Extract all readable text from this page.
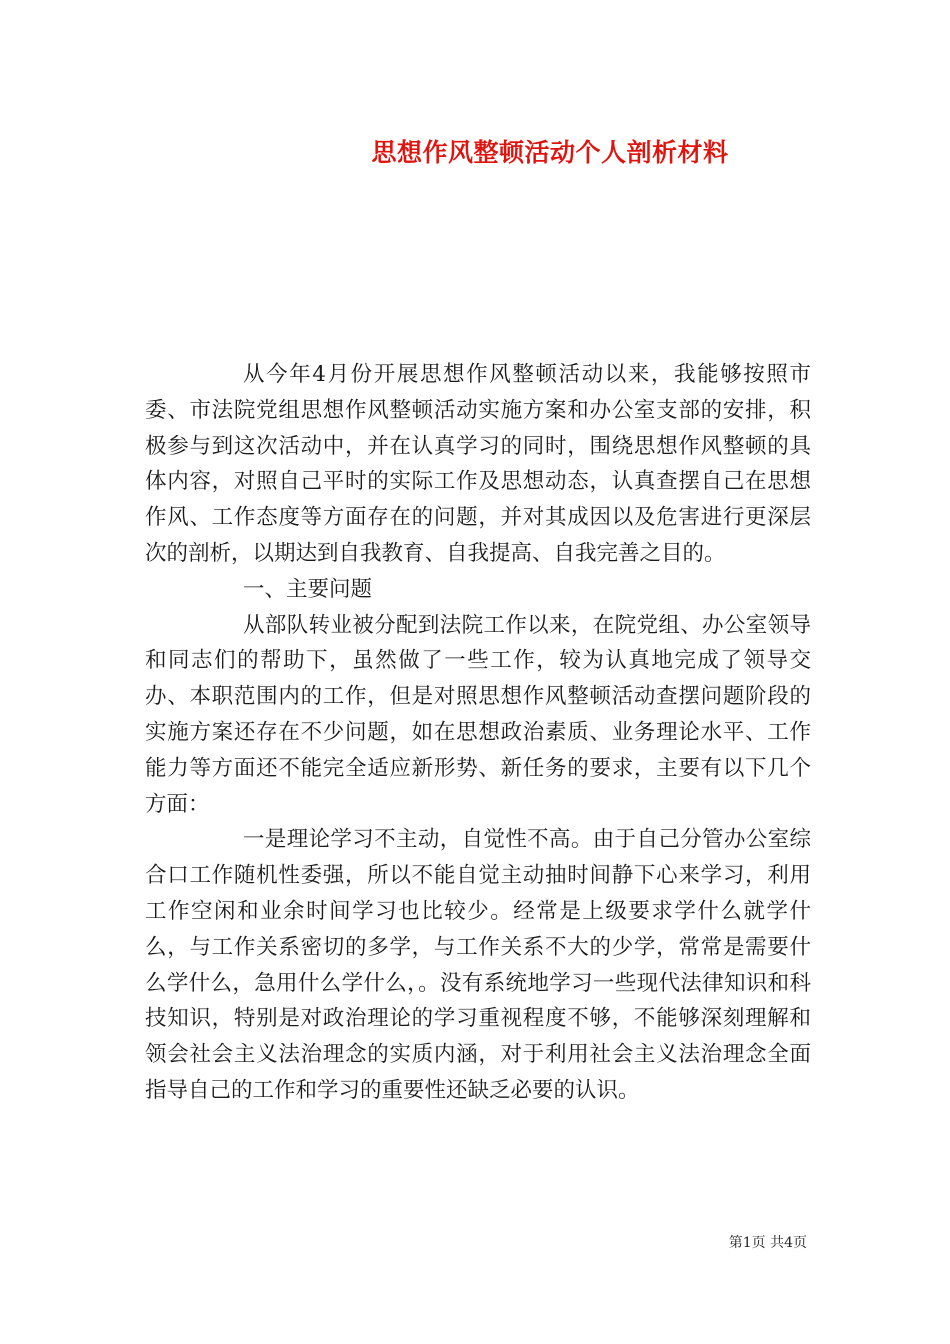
思想作风整顿活动个人剖析材料

从今年4月份开展思想作风整顿活动以来，我能够按照市委、市法院党组思想作风整顿活动实施方案和办公室支部的安排，积极参与到这次活动中，并在认真学习的同时，围绕思想作风整顿的具体内容，对照自己平时的实际工作及思想动态，认真查摆自己在思想作风、工作态度等方面存在的问题，并对其成因以及危害进行更深层次的剖析，以期达到自我教育、自我提高、自我完善之目的。

一、主要问题

从部队转业被分配到法院工作以来，在院党组、办公室领导和同志们的帮助下，虽然做了一些工作，较为认真地完成了领导交办、本职范围内的工作，但是对照思想作风整顿活动查摆问题阶段的实施方案还存在不少问题，如在思想政治素质、业务理论水平、工作能力等方面还不能完全适应新形势、新任务的要求，主要有以下几个方面：

一是理论学习不主动，自觉性不高。由于自己分管办公室综合口工作随机性委强，所以不能自觉主动抽时间静下心来学习，利用工作空闲和业余时间学习也比较少。经常是上级要求学什么就学什么，与工作关系密切的多学，与工作关系不大的少学，常常是需要什么学什么，急用什么学什么，。没有系统地学习一些现代法律知识和科技知识，特别是对政治理论的学习重视程度不够，不能够深刻理解和领会社会主义法治理念的实质内涵，对于利用社会主义法治理念全面指导自己的工作和学习的重要性还缺乏必要的认识。

第1页 共4页
